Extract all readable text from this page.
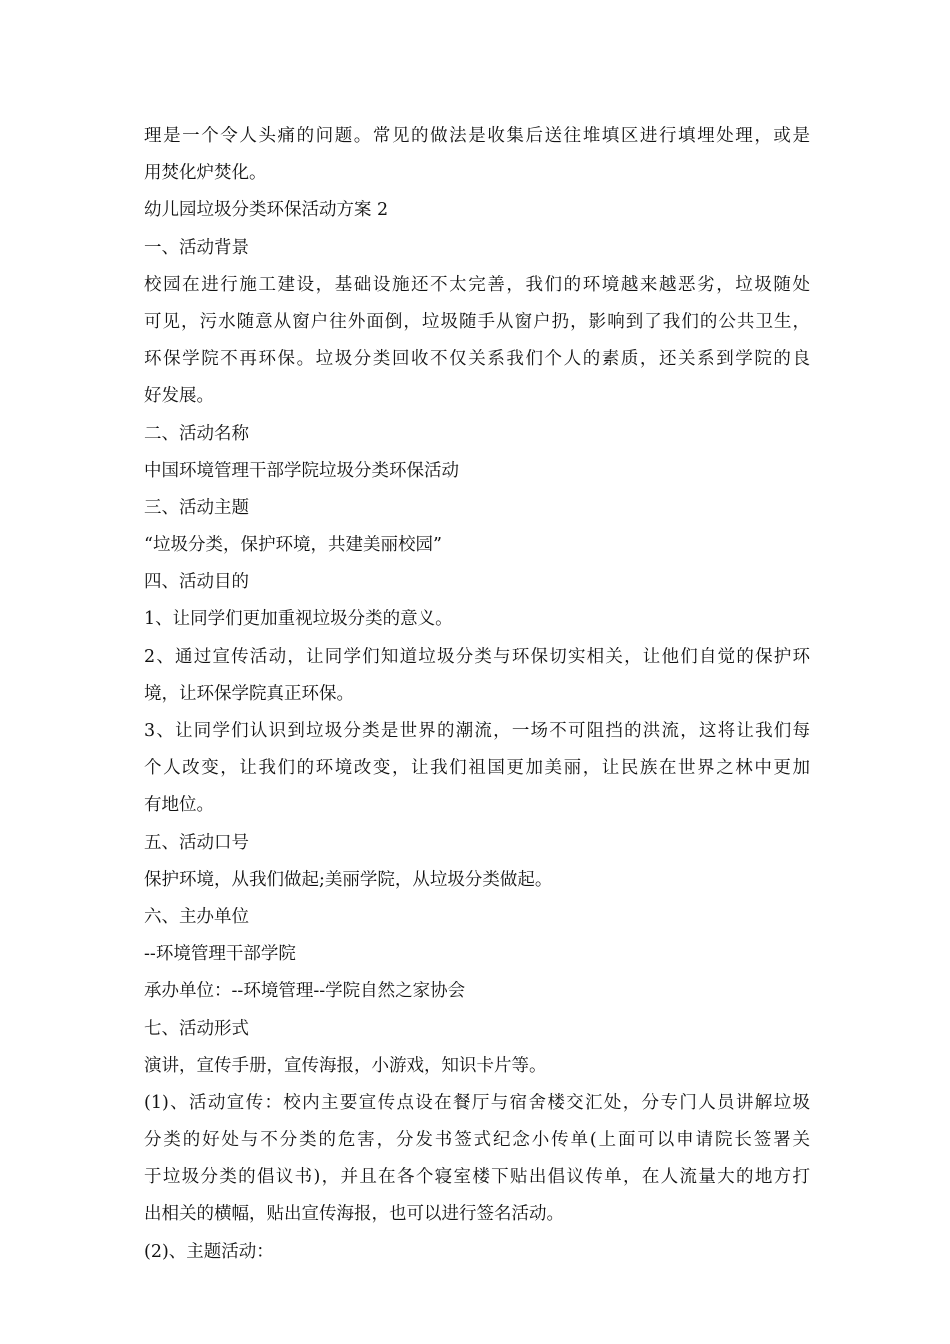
理是一个令人头痛的问题。常见的做法是收集后送往堆填区进行填埋处理，或是
用焚化炉焚化。
幼儿园垃圾分类环保活动方案 2
一、活动背景
校园在进行施工建设，基础设施还不太完善，我们的环境越来越恶劣，垃圾随处
可见，污水随意从窗户往外面倒，垃圾随手从窗户扔，影响到了我们的公共卫生，
环保学院不再环保。垃圾分类回收不仅关系我们个人的素质，还关系到学院的良
好发展。
二、活动名称
中国环境管理干部学院垃圾分类环保活动
三、活动主题
“垃圾分类，保护环境，共建美丽校园”
四、活动目的
1、让同学们更加重视垃圾分类的意义。
2、通过宣传活动，让同学们知道垃圾分类与环保切实相关，让他们自觉的保护环
境，让环保学院真正环保。
3、让同学们认识到垃圾分类是世界的潮流，一场不可阻挡的洪流，这将让我们每
个人改变，让我们的环境改变，让我们祖国更加美丽，让民族在世界之林中更加
有地位。
五、活动口号
保护环境，从我们做起;美丽学院，从垃圾分类做起。
六、主办单位
--环境管理干部学院
承办单位：--环境管理--学院自然之家协会
七、活动形式
演讲，宣传手册，宣传海报，小游戏，知识卡片等。
(1)、活动宣传：校内主要宣传点设在餐厅与宿舍楼交汇处，分专门人员讲解垃圾
分类的好处与不分类的危害，分发书签式纪念小传单(上面可以申请院长签署关
于垃圾分类的倡议书)，并且在各个寝室楼下贴出倡议传单，在人流量大的地方打
出相关的横幅，贴出宣传海报，也可以进行签名活动。
(2)、主题活动：
